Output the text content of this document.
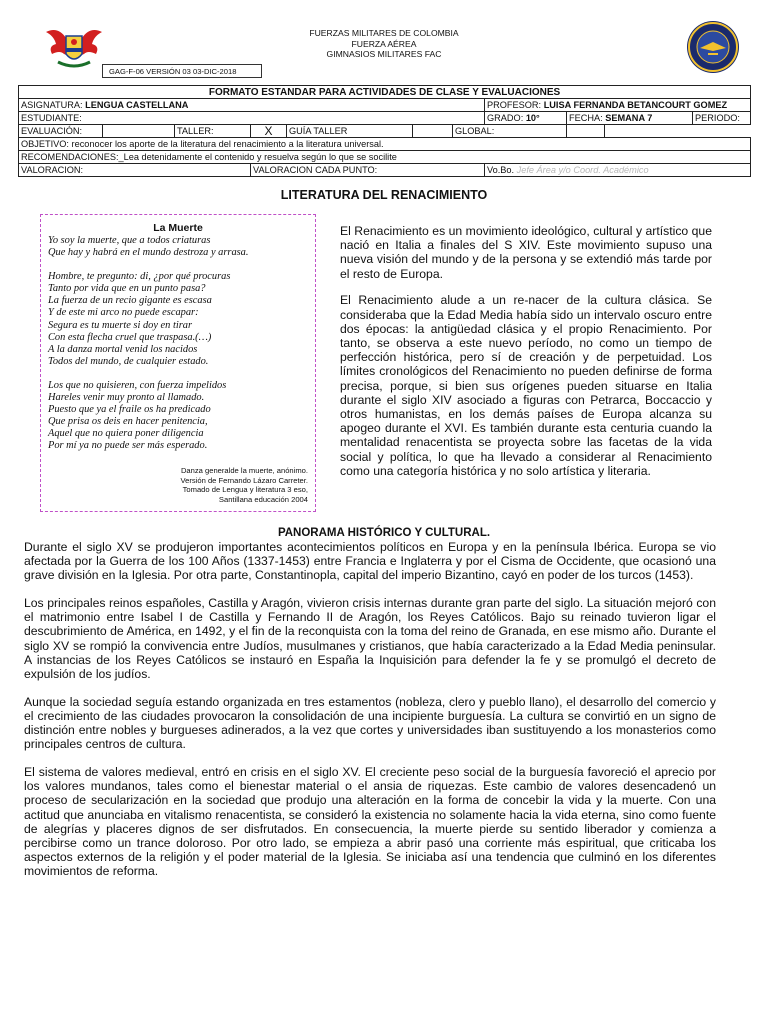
FUERZAS MILITARES DE COLOMBIA
FUERZA AÉREA
GIMNASIOS MILITARES FAC
GAG-F-06 VERSIÓN 03 03-DIC-2018
FORMATO ESTANDAR PARA ACTIVIDADES DE CLASE Y EVALUACIONES										
ASIGNATURA: LENGUA CASTELLANA							PROFESOR: LUISA FERNANDA BETANCOURT GOMEZ			
ESTUDIANTE:							GRADO: 10°	FECHA: SEMANA 7		PERIODO:
EVALUACIÓN:		TALLER:	X	GUÍA TALLER		GLOBAL:				
OBJETIVO: reconocer los aporte de la literatura del renacimiento a la literatura universal.										
RECOMENDACIONES:_Lea detenidamente el contenido y resuelva según lo que se socilite										
VALORACION:			VALORACION CADA PUNTO:				Vo.Bo. Jefe Área y/o Coord. Académico			
LITERATURA DEL RENACIMIENTO
La Muerte

Yo soy la muerte, que a todos criaturas
Que hay y habrá en el mundo destroza y arrasa.

Hombre, te pregunto: di, ¿por qué procuras
Tanto por vida que en un punto pasa?
La fuerza de un recio gigante es escasa
Y de este mi arco no puede escapar:
Segura es tu muerte si doy en tirar
Con esta flecha cruel que traspasa.(…)
A la danza mortal venid los nacidos
Todos del mundo, de cualquier estado.

Los que no quisieren, con fuerza impelidos
Hareles venir muy pronto al llamado.
Puesto que ya el fraile os ha predicado
Que prisa os deis en hacer penitencia,
Aquel que no quiera poner diligencia
Por mí ya no puede ser más esperado.

Danza generalde la muerte, anónimo.
Versión de Fernando Lázaro Carreter.
Tomado de Lengua y literatura 3 eso,
Santillana educación 2004

El Renacimiento es un movimiento ideológico, cultural y artístico que nació en Italia a finales del S XIV. Este movimiento supuso una nueva visión del mundo y de la persona y se extendió más tarde por el resto de Europa.

El Renacimiento alude a un re-nacer de la cultura clásica. Se consideraba que la Edad Media había sido un intervalo oscuro entre dos épocas: la antigüedad clásica y el propio Renacimiento. Por tanto, se observa a este nuevo período, no como un tiempo de perfección histórica, pero sí de creación y de perpetuidad. Los límites cronológicos del Renacimiento no pueden definirse de forma precisa, porque, si bien sus orígenes pueden situarse en Italia durante el siglo XIV asociado a figuras con Petrarca, Boccaccio y otros humanistas, en los demás países de Europa alcanza su apogeo durante el XVI. Es también durante esta centuria cuando la mentalidad renacentista se proyecta sobre las facetas de la vida social y política, lo que ha llevado a considerar al Renacimiento como una categoría histórica y no solo artística y literaria.

PANORAMA HISTÓRICO Y CULTURAL.

Durante el siglo XV se produjeron importantes acontecimientos políticos en Europa y en la península Ibérica. Europa se vio afectada por la Guerra de los 100 Años (1337-1453) entre Francia e Inglaterra y por el Cisma de Occidente, que ocasionó una grave división en la Iglesia. Por otra parte, Constantinopla, capital del imperio Bizantino, cayó en poder de los turcos (1453).

Los principales reinos españoles, Castilla y Aragón, vivieron crisis internas durante gran parte del siglo. La situación mejoró con el matrimonio entre Isabel I de Castilla y Fernando II de Aragón, los Reyes Católicos. Bajo su reinado tuvieron ligar el descubrimiento de América, en 1492, y el fin de la reconquista con la toma del reino de Granada, en ese mismo año. Durante el siglo XV se rompió la convivencia entre Judíos, musulmanes y cristianos, que había caracterizado a la Edad Media peninsular. A instancias de los Reyes Católicos se instauró en España la Inquisición para defender la fe y se promulgó el decreto de expulsión de los judíos.

Aunque la sociedad seguía estando organizada en tres estamentos (nobleza, clero y pueblo llano), el desarrollo del comercio y el crecimiento de las ciudades provocaron la consolidación de una incipiente burguesía. La cultura se convirtió en un signo de distinción entre nobles y burgueses adinerados, a la vez que cortes y universidades iban sustituyendo a los monasterios como principales centros de cultura.

El sistema de valores medieval, entró en crisis en el siglo XV. El creciente peso social de la burguesía favoreció el aprecio por los valores mundanos, tales como el bienestar material o el ansia de riquezas. Este cambio de valores desencadenó un proceso de secularización en la sociedad que produjo una alteración en la forma de concebir la vida y la muerte. Con una actitud que anunciaba en vitalismo renacentista, se consideró la existencia no solamente hacia la vida eterna, sino como fuente de alegrías y placeres dignos de ser disfrutados. En consecuencia, la muerte pierde su sentido liberador y comienza a percibirse como un trance doloroso. Por otro lado, se empieza a abrir pasó una corriente más espiritual, que criticaba los aspectos externos de la religión y el poder material de la Iglesia. Se iniciaba así una tendencia que culminó en los diferentes movimientos de reforma.
